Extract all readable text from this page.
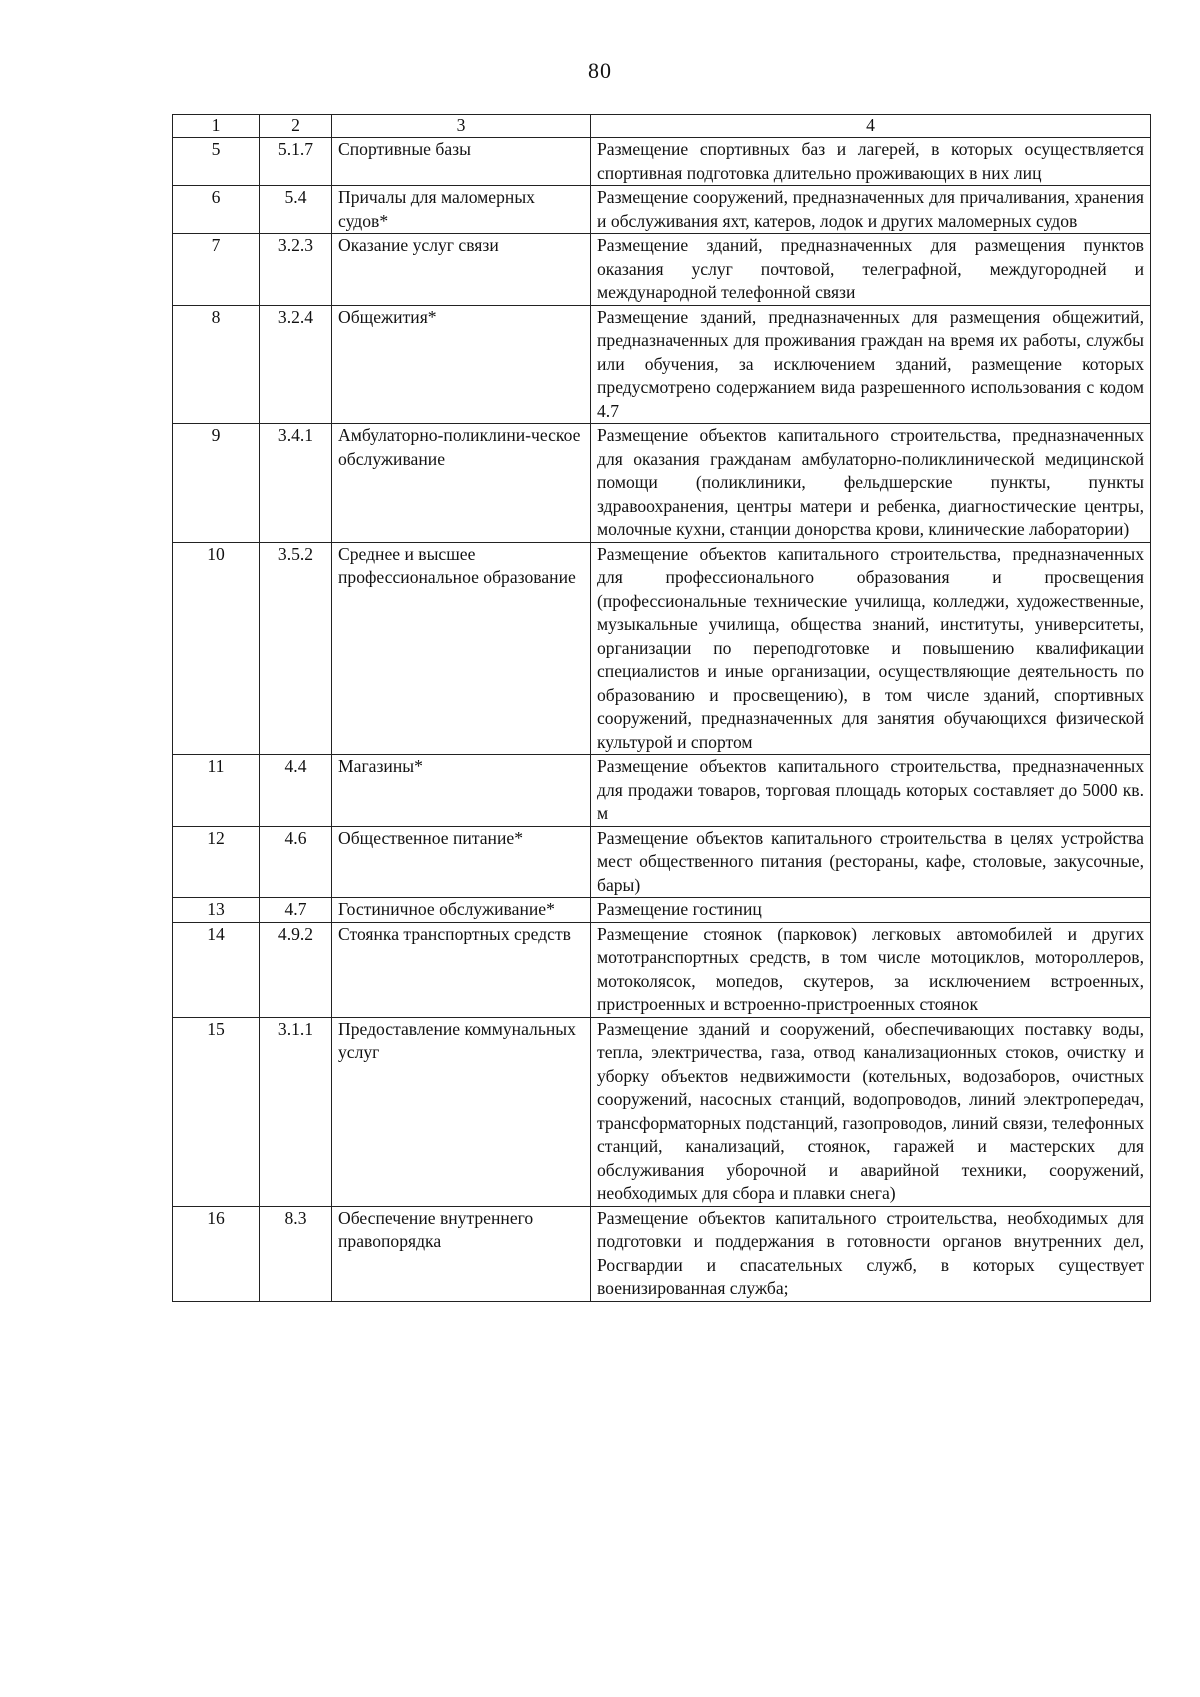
80
1	2	3	4
5	5.1.7	Спортивные базы	Размещение спортивных баз и лагерей, в которых осуществляется спортивная подготовка длительно проживающих в них лиц
6	5.4	Причалы для маломерных судов*	Размещение сооружений, предназначенных для причаливания, хранения и обслуживания яхт, катеров, лодок и других маломерных судов
7	3.2.3	Оказание услуг связи	Размещение зданий, предназначенных для размещения пунктов оказания услуг почтовой, телеграфной, междугородней и международной телефонной связи
8	3.2.4	Общежития*	Размещение зданий, предназначенных для размещения общежитий, предназначенных для проживания граждан на время их работы, службы или обучения, за исключением зданий, размещение которых предусмотрено содержанием вида разрешенного использования с кодом 4.7
9	3.4.1	Амбулаторно-поликлини-ческое обслуживание	Размещение объектов капитального строительства, предназначенных для оказания гражданам амбулаторно-поликлинической медицинской помощи (поликлиники, фельдшерские пункты, пункты здравоохранения, центры матери и ребенка, диагностические центры, молочные кухни, станции донорства крови, клинические лаборатории)
10	3.5.2	Среднее и высшее профессиональное образование	Размещение объектов капитального строительства, предназначенных для профессионального образования и просвещения (профессиональные технические училища, колледжи, художественные, музыкальные училища, общества знаний, институты, университеты, организации по переподготовке и повышению квалификации специалистов и иные организации, осуществляющие деятельность по образованию и просвещению), в том числе зданий, спортивных сооружений, предназначенных для занятия обучающихся физической культурой и спортом
11	4.4	Магазины*	Размещение объектов капитального строительства, предназначенных для продажи товаров, торговая площадь которых составляет до 5000 кв. м
12	4.6	Общественное питание*	Размещение объектов капитального строительства в целях устройства мест общественного питания (рестораны, кафе, столовые, закусочные, бары)
13	4.7	Гостиничное обслуживание*	Размещение гостиниц
14	4.9.2	Стоянка транспортных средств	Размещение стоянок (парковок) легковых автомобилей и других мототранспортных средств, в том числе мотоциклов, мотороллеров, мотоколясок, мопедов, скутеров, за исключением встроенных, пристроенных и встроенно-пристроенных стоянок
15	3.1.1	Предоставление коммунальных услуг	Размещение зданий и сооружений, обеспечивающих поставку воды, тепла, электричества, газа, отвод канализационных стоков, очистку и уборку объектов недвижимости (котельных, водозаборов, очистных сооружений, насосных станций, водопроводов, линий электропередач, трансформаторных подстанций, газопроводов, линий связи, телефонных станций, канализаций, стоянок, гаражей и мастерских для обслуживания уборочной и аварийной техники, сооружений, необходимых для сбора и плавки снега)
16	8.3	Обеспечение внутреннего правопорядка	Размещение объектов капитального строительства, необходимых для подготовки и поддержания в готовности органов внутренних дел, Росгвардии и спасательных служб, в которых существует военизированная служба;
